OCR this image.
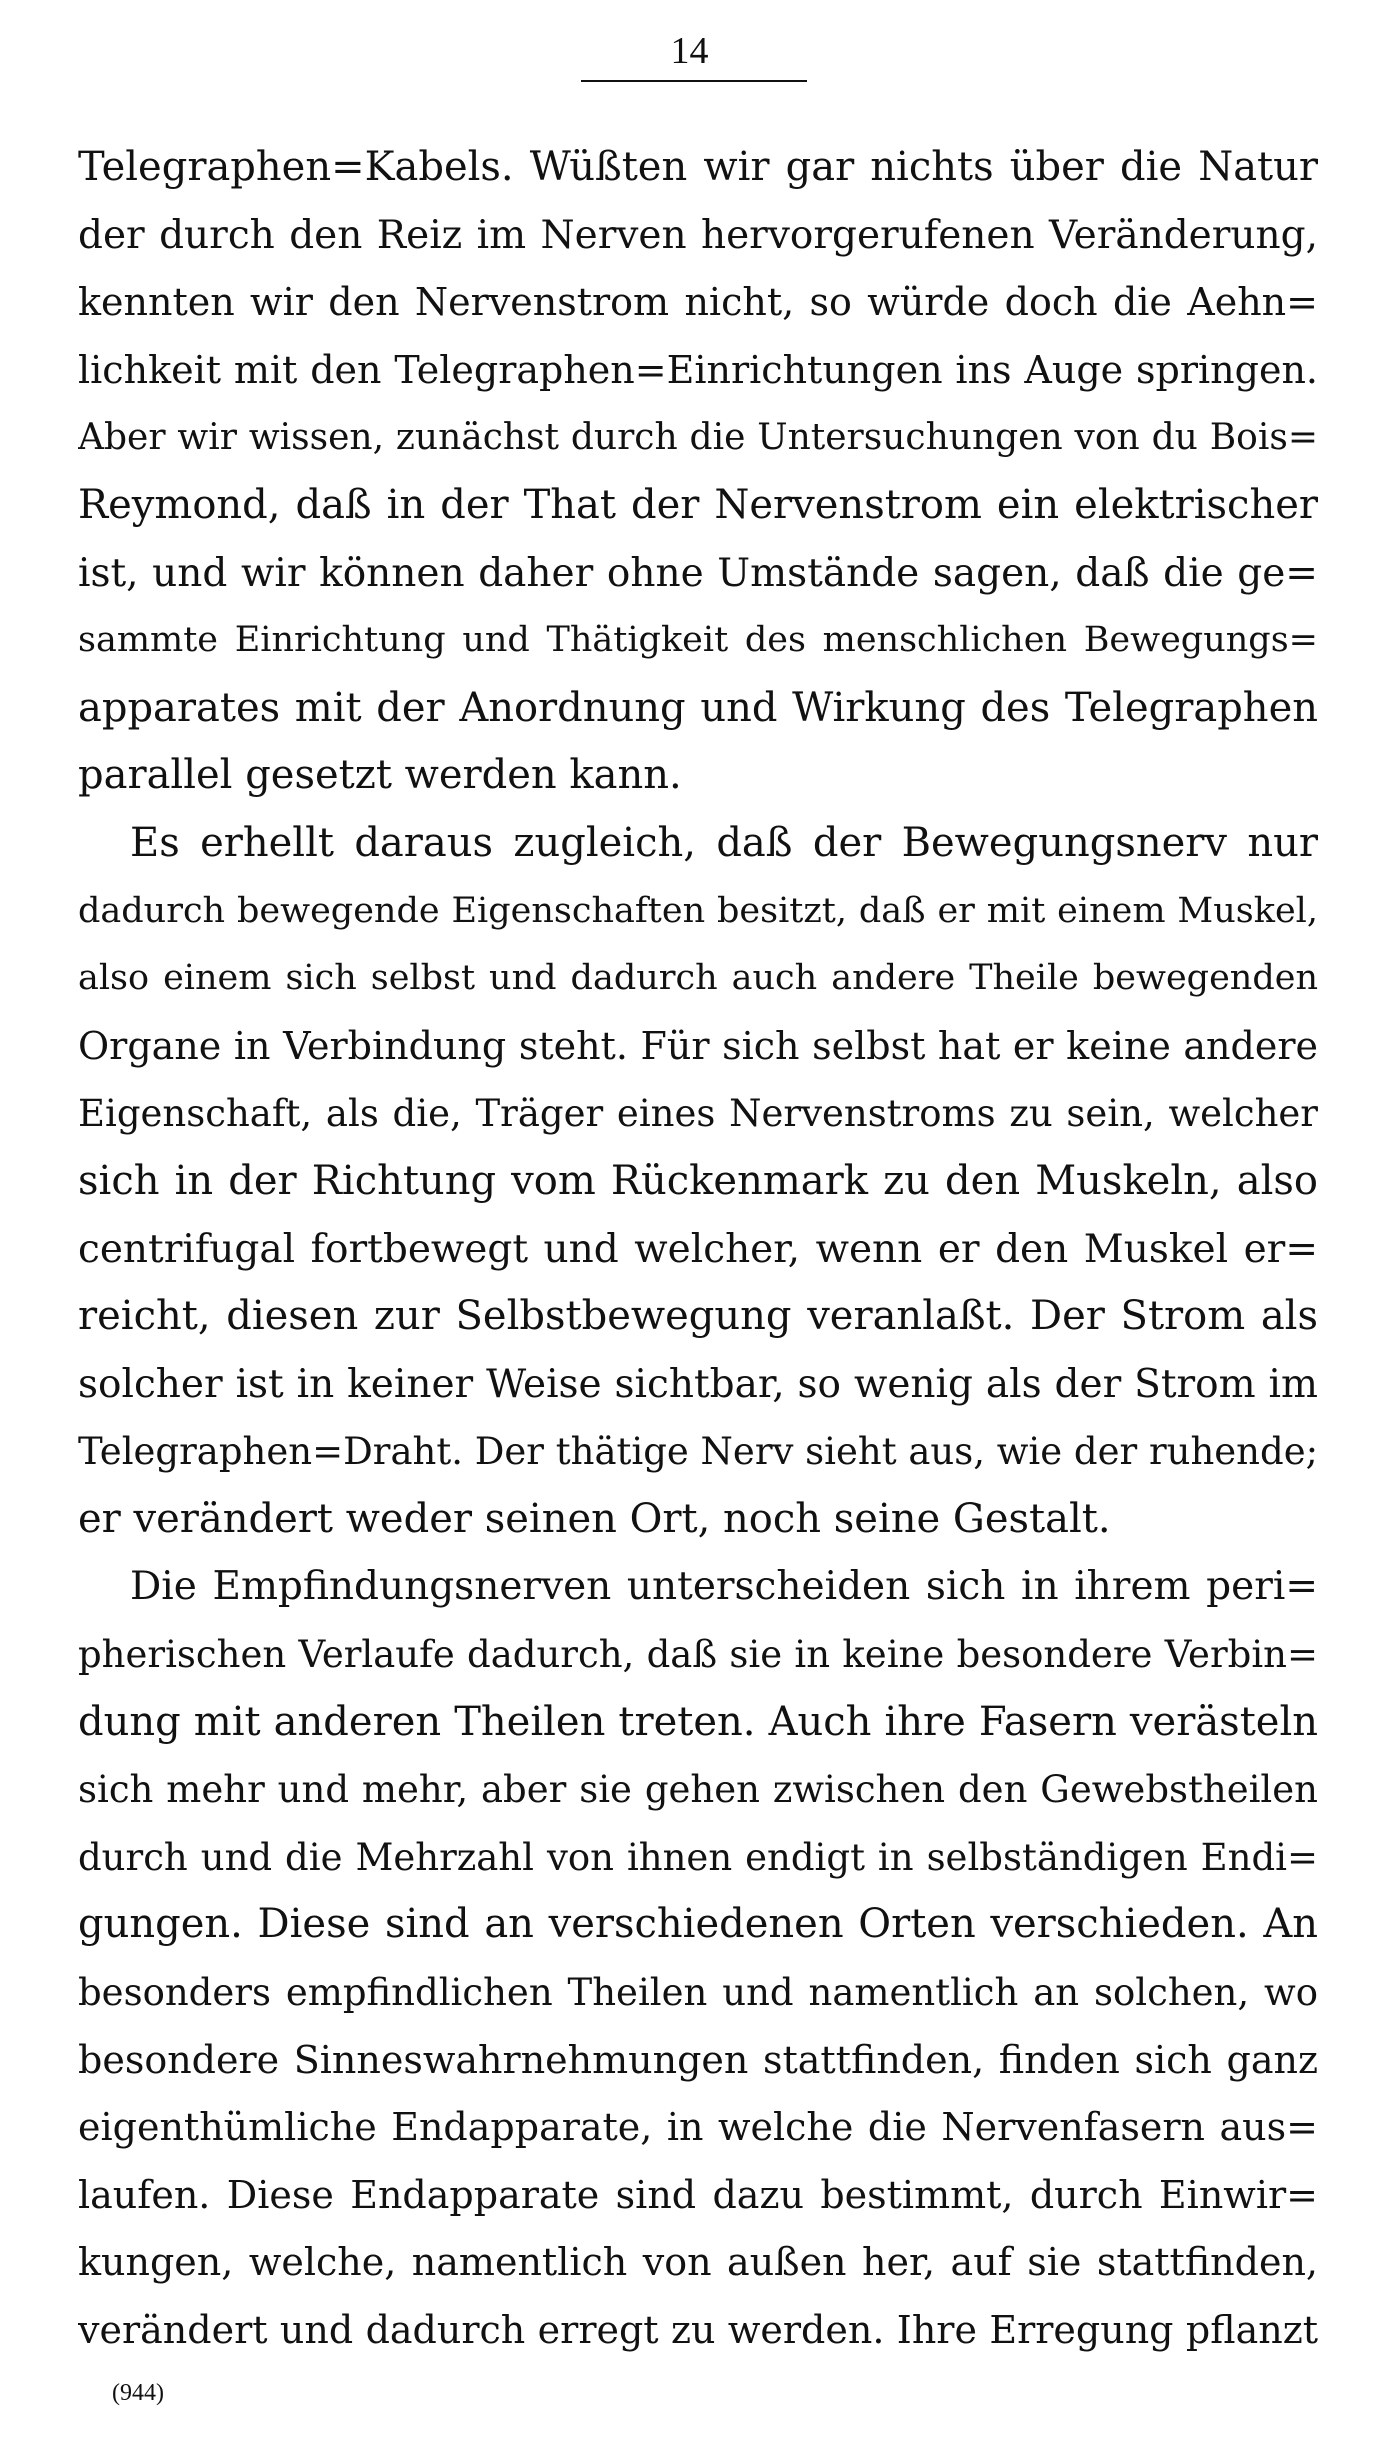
14
Telegraphen=Kabels. Wüßten wir gar nichts über die Natur
der durch den Reiz im Nerven hervorgerufenen Veränderung,
kennten wir den Nervenstrom nicht, so würde doch die Aehn=
lichkeit mit den Telegraphen=Einrichtungen ins Auge springen.
Aber wir wissen, zunächst durch die Untersuchungen von du Bois=
Reymond, daß in der That der Nervenstrom ein elektrischer
ist, und wir können daher ohne Umstände sagen, daß die ge=
sammte Einrichtung und Thätigkeit des menschlichen Bewegungs=
apparates mit der Anordnung und Wirkung des Telegraphen
parallel gesetzt werden kann.
Es erhellt daraus zugleich, daß der Bewegungsnerv nur
dadurch bewegende Eigenschaften besitzt, daß er mit einem Muskel,
also einem sich selbst und dadurch auch andere Theile bewegenden
Organe in Verbindung steht. Für sich selbst hat er keine andere
Eigenschaft, als die, Träger eines Nervenstroms zu sein, welcher
sich in der Richtung vom Rückenmark zu den Muskeln, also
centrifugal fortbewegt und welcher, wenn er den Muskel er=
reicht, diesen zur Selbstbewegung veranlaßt. Der Strom als
solcher ist in keiner Weise sichtbar, so wenig als der Strom im
Telegraphen=Draht. Der thätige Nerv sieht aus, wie der ruhende;
er verändert weder seinen Ort, noch seine Gestalt.
Die Empfindungsnerven unterscheiden sich in ihrem peri=
pherischen Verlaufe dadurch, daß sie in keine besondere Verbin=
dung mit anderen Theilen treten. Auch ihre Fasern verästeln
sich mehr und mehr, aber sie gehen zwischen den Gewebstheilen
durch und die Mehrzahl von ihnen endigt in selbständigen Endi=
gungen. Diese sind an verschiedenen Orten verschieden. An
besonders empfindlichen Theilen und namentlich an solchen, wo
besondere Sinneswahrnehmungen stattfinden, finden sich ganz
eigenthümliche Endapparate, in welche die Nervenfasern aus=
laufen. Diese Endapparate sind dazu bestimmt, durch Einwir=
kungen, welche, namentlich von außen her, auf sie stattfinden,
verändert und dadurch erregt zu werden. Ihre Erregung pflanzt
(944)
